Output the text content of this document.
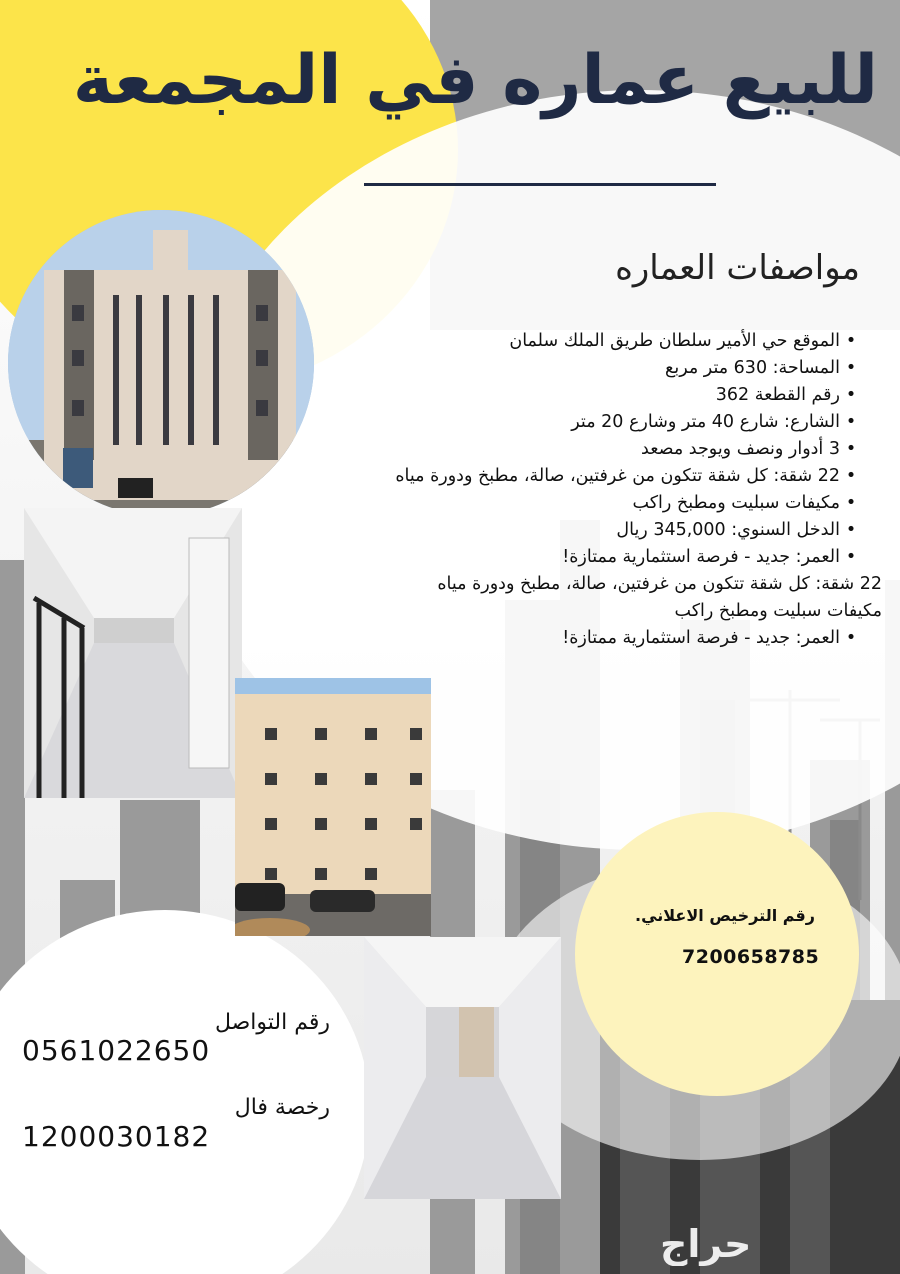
للبيع عماره في المجمعة
مواصفات العماره
• الموقع حي الأمير سلطان طريق الملك سلمان
• المساحة: 630 متر مربع
• رقم القطعة 362
• الشارع: شارع 40 متر وشارع 20 متر
• 3 أدوار ونصف ويوجد مصعد
• 22 شقة: كل شقة تتكون من غرفتين، صالة، مطبخ ودورة مياه
• مكيفات سبليت ومطبخ راكب
• الدخل السنوي: 345,000 ريال
• العمر: جديد - فرصة استثمارية ممتازة!
22 شقة: كل شقة تتكون من غرفتين، صالة، مطبخ ودورة مياه
مكيفات سبليت ومطبخ راكب
• العمر: جديد - فرصة استثمارية ممتازة!
رقم الترخيص الاعلاني.
7200658785
رقم التواصل
0561022650
رخصة فال
1200030182
حراج
